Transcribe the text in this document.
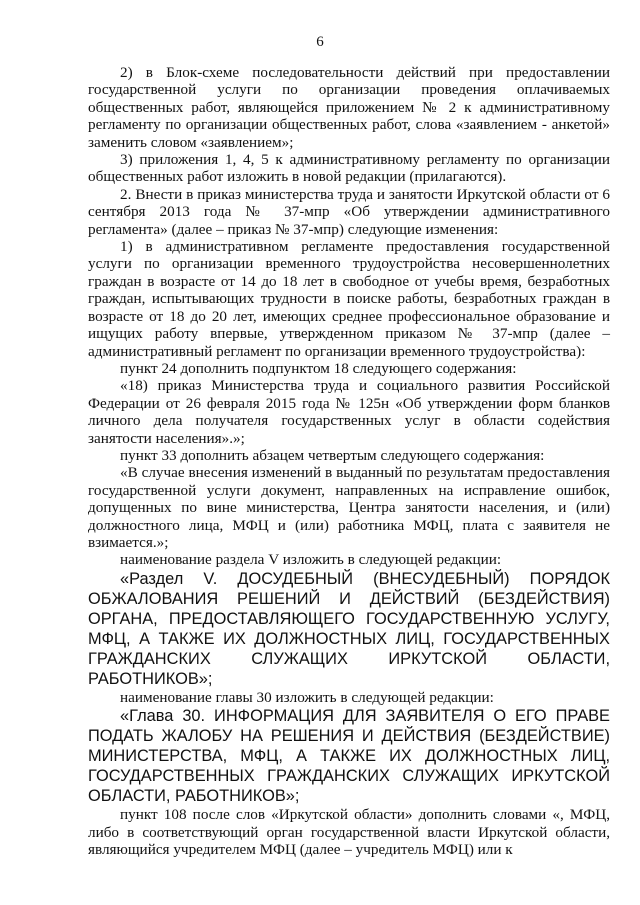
6

2) в Блок-схеме последовательности действий при предоставлении государственной услуги по организации проведения оплачиваемых общественных работ, являющейся приложением № 2 к административному регламенту по организации общественных работ, слова «заявлением - анкетой» заменить словом «заявлением»;

3) приложения 1, 4, 5 к административному регламенту по организации общественных работ изложить в новой редакции (прилагаются).

2. Внести в приказ министерства труда и занятости Иркутской области от 6 сентября 2013 года № 37-мпр «Об утверждении административного регламента» (далее – приказ № 37-мпр) следующие изменения:

1) в административном регламенте предоставления государственной услуги по организации временного трудоустройства несовершеннолетних граждан в возрасте от 14 до 18 лет в свободное от учебы время, безработных граждан, испытывающих трудности в поиске работы, безработных граждан в возрасте от 18 до 20 лет, имеющих среднее профессиональное образование и ищущих работу впервые, утвержденном приказом № 37-мпр (далее – административный регламент по организации временного трудоустройства):

пункт 24 дополнить подпунктом 18 следующего содержания:

«18) приказ Министерства труда и социального развития Российской Федерации от 26 февраля 2015 года № 125н «Об утверждении форм бланков личного дела получателя государственных услуг в области содействия занятости населения».»;

пункт 33 дополнить абзацем четвертым следующего содержания:

«В случае внесения изменений в выданный по результатам предоставления государственной услуги документ, направленных на исправление ошибок, допущенных по вине министерства, Центра занятости населения, и (или) должностного лица, МФЦ и (или) работника МФЦ, плата с заявителя не взимается.»;

наименование раздела V изложить в следующей редакции:

«Раздел V. ДОСУДЕБНЫЙ (ВНЕСУДЕБНЫЙ) ПОРЯДОК ОБЖАЛОВАНИЯ РЕШЕНИЙ И ДЕЙСТВИЙ (БЕЗДЕЙСТВИЯ) ОРГАНА, ПРЕДОСТАВЛЯЮЩЕГО ГОСУДАРСТВЕННУЮ УСЛУГУ, МФЦ, А ТАКЖЕ ИХ ДОЛЖНОСТНЫХ ЛИЦ, ГОСУДАРСТВЕННЫХ ГРАЖДАНСКИХ СЛУЖАЩИХ ИРКУТСКОЙ ОБЛАСТИ, РАБОТНИКОВ»;

наименование главы 30 изложить в следующей редакции:

«Глава 30. ИНФОРМАЦИЯ ДЛЯ ЗАЯВИТЕЛЯ О ЕГО ПРАВЕ ПОДАТЬ ЖАЛОБУ НА РЕШЕНИЯ И ДЕЙСТВИЯ (БЕЗДЕЙСТВИЕ) МИНИСТЕРСТВА, МФЦ, А ТАКЖЕ ИХ ДОЛЖНОСТНЫХ ЛИЦ, ГОСУДАРСТВЕННЫХ ГРАЖДАНСКИХ СЛУЖАЩИХ ИРКУТСКОЙ ОБЛАСТИ, РАБОТНИКОВ»;

пункт 108 после слов «Иркутской области» дополнить словами «, МФЦ, либо в соответствующий орган государственной власти Иркутской области, являющийся учредителем МФЦ (далее – учредитель МФЦ) или к
